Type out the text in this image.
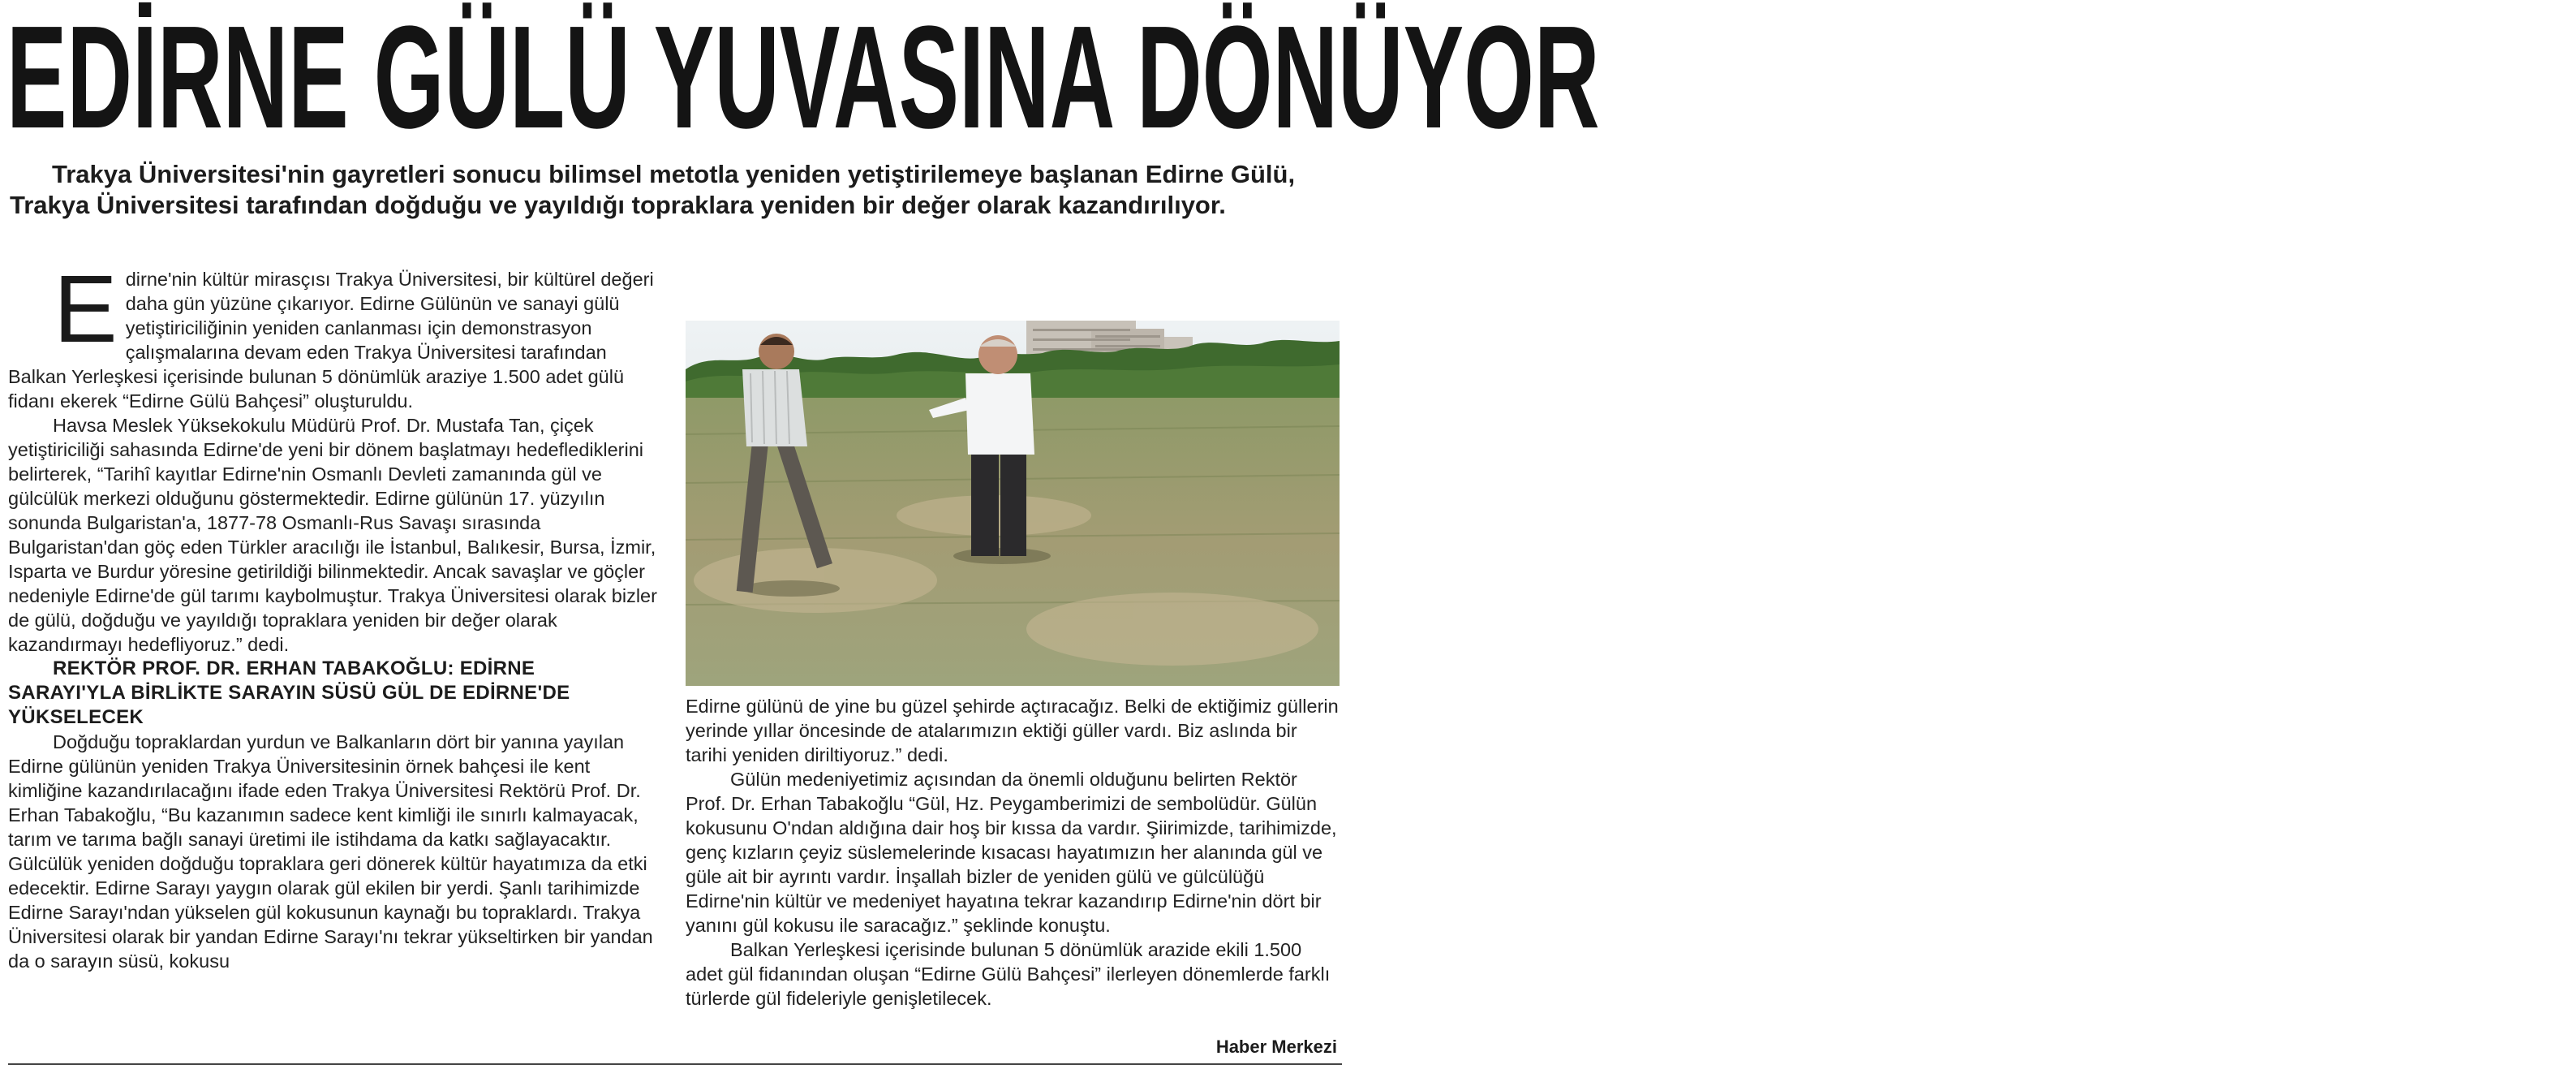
EDİRNE GÜLÜ YUVASINA DÖNÜYOR

Trakya Üniversitesi'nin gayretleri sonucu bilimsel metotla yeniden yetiştirilemeye başlanan Edirne Gülü, Trakya Üniversitesi tarafından doğduğu ve yayıldığı topraklara yeniden bir değer olarak kazandırılıyor.

Edirne'nin kültür mirasçısı Trakya Üniversitesi, bir kültürel değeri daha gün yüzüne çıkarıyor. Edirne Gülünün ve sanayi gülü yetiştiriciliğinin yeniden canlanması için demonstrasyon çalışmalarına devam eden Trakya Üniversitesi tarafından Balkan Yerleşkesi içerisinde bulunan 5 dönümlük araziye 1.500 adet gülü fidanı ekerek “Edirne Gülü Bahçesi” oluşturuldu.

Havsa Meslek Yüksekokulu Müdürü Prof. Dr. Mustafa Tan, çiçek yetiştiriciliği sahasında Edirne'de yeni bir dönem başlatmayı hedeflediklerini belirterek, “Tarihî kayıtlar Edirne'nin Osmanlı Devleti zamanında gül ve gülcülük merkezi olduğunu göstermektedir. Edirne gülünün 17. yüzyılın sonunda Bulgaristan'a, 1877-78 Osmanlı-Rus Savaşı sırasında Bulgaristan'dan göç eden Türkler aracılığı ile İstanbul, Balıkesir, Bursa, İzmir, Isparta ve Burdur yöresine getirildiği bilinmektedir. Ancak savaşlar ve göçler nedeniyle Edirne'de gül tarımı kaybolmuştur. Trakya Üniversitesi olarak bizler de gülü, doğduğu ve yayıldığı topraklara yeniden bir değer olarak kazandırmayı hedefliyoruz.” dedi.

REKTÖR PROF. DR. ERHAN TABAKOĞLU: EDİRNE SARAYI'YLA BİRLİKTE SARAYIN SÜSÜ GÜL DE EDİRNE'DE YÜKSELECEK

Doğduğu topraklardan yurdun ve Balkanların dört bir yanına yayılan Edirne gülünün yeniden Trakya Üniversitesinin örnek bahçesi ile kent kimliğine kazandırılacağını ifade eden Trakya Üniversitesi Rektörü Prof. Dr. Erhan Tabakoğlu, “Bu kazanımın sadece kent kimliği ile sınırlı kalmayacak, tarım ve tarıma bağlı sanayi üretimi ile istihdama da katkı sağlayacaktır. Gülcülük yeniden doğduğu topraklara geri dönerek kültür hayatımıza da etki edecektir. Edirne Sarayı yaygın olarak gül ekilen bir yerdi. Şanlı tarihimizde Edirne Sarayı'ndan yükselen gül kokusunun kaynağı bu topraklardı. Trakya Üniversitesi olarak bir yandan Edirne Sarayı'nı tekrar yükseltirken bir yandan da o sarayın süsü, kokusu

Edirne gülünü de yine bu güzel şehirde açtıracağız. Belki de ektiğimiz güllerin yerinde yıllar öncesinde de atalarımızın ektiği güller vardı. Biz aslında bir tarihi yeniden diriltiyoruz.” dedi.

Gülün medeniyetimiz açısından da önemli olduğunu belirten Rektör Prof. Dr. Erhan Tabakoğlu “Gül, Hz. Peygamberimizi de sembolüdür. Gülün kokusunu O'ndan aldığına dair hoş bir kıssa da vardır. Şiirimizde, tarihimizde, genç kızların çeyiz süslemelerinde kısacası hayatımızın her alanında gül ve güle ait bir ayrıntı vardır. İnşallah bizler de yeniden gülü ve gülcülüğü Edirne'nin kültür ve medeniyet hayatına tekrar kazandırıp Edirne'nin dört bir yanını gül kokusu ile saracağız.” şeklinde konuştu.

Balkan Yerleşkesi içerisinde bulunan 5 dönümlük arazide ekili 1.500 adet gül fidanından oluşan “Edirne Gülü Bahçesi” ilerleyen dönemlerde farklı türlerde gül fideleriyle genişletilecek.

Haber Merkezi
